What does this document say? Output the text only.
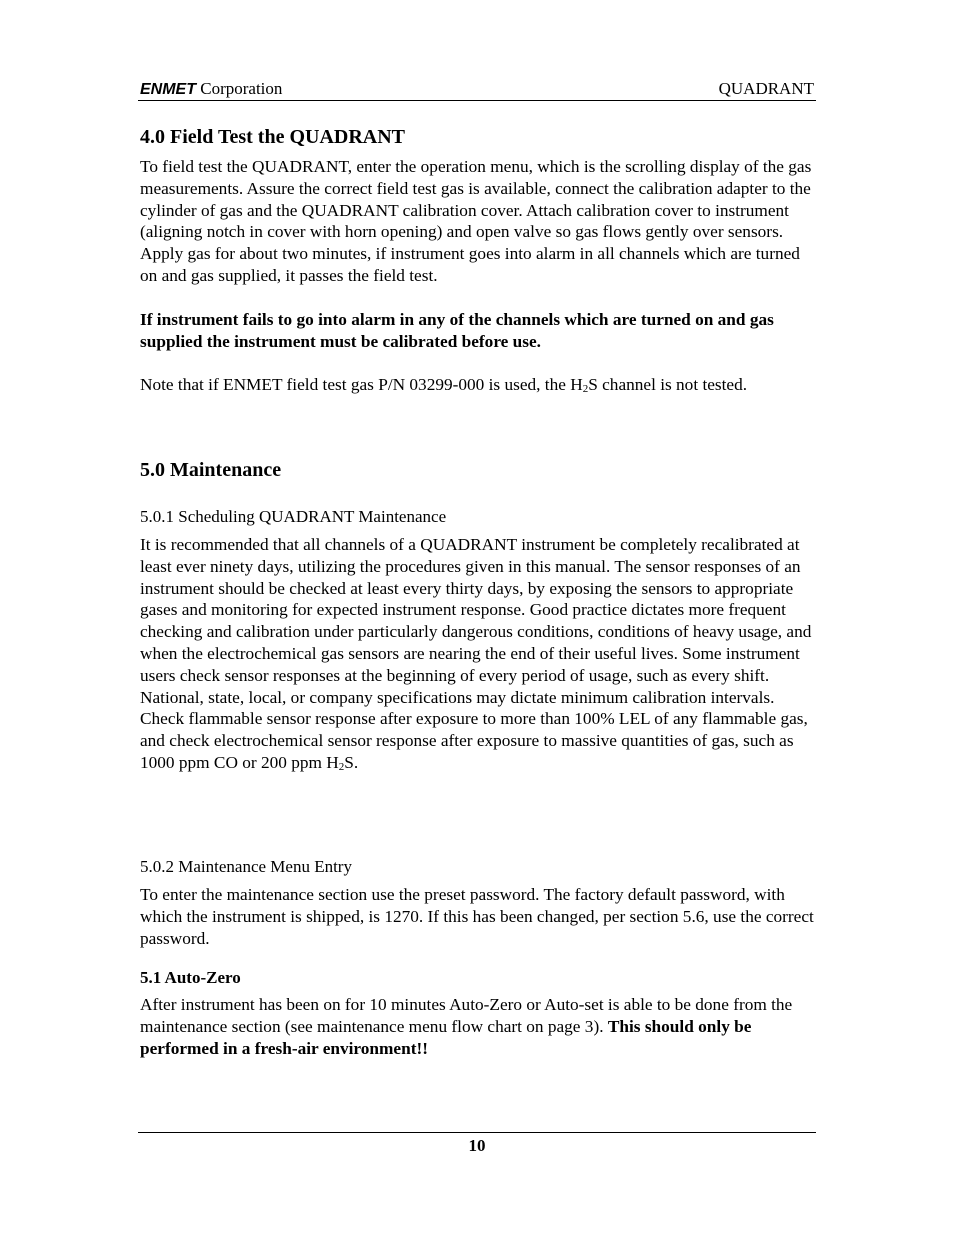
ENMET Corporation	QUADRANT
4.0 Field Test the QUADRANT

To field test the QUADRANT, enter the operation menu, which is the scrolling display of the gas measurements. Assure the correct field test gas is available, connect the calibration adapter to the cylinder of gas and the QUADRANT calibration cover. Attach calibration cover to instrument (aligning notch in cover with horn opening) and open valve so gas flows gently over sensors. Apply gas for about two minutes, if instrument goes into alarm in all channels which are turned on and gas supplied, it passes the field test.

If instrument fails to go into alarm in any of the channels which are turned on and gas supplied the instrument must be calibrated before use.

Note that if ENMET field test gas P/N 03299-000 is used, the $H_2S$ channel is not tested.

5.0 Maintenance

5.0.1 Scheduling QUADRANT Maintenance

It is recommended that all channels of a QUADRANT instrument be completely recalibrated at least ever ninety days, utilizing the procedures given in this manual. The sensor responses of an instrument should be checked at least every thirty days, by exposing the sensors to appropriate gases and monitoring for expected instrument response. Good practice dictates more frequent checking and calibration under particularly dangerous conditions, conditions of heavy usage, and when the electrochemical gas sensors are nearing the end of their useful lives. Some instrument users check sensor responses at the beginning of every period of usage, such as every shift. National, state, local, or company specifications may dictate minimum calibration intervals. Check flammable sensor response after exposure to more than 100% LEL of any flammable gas, and check electrochemical sensor response after exposure to massive quantities of gas, such as 1000 ppm CO or 200 ppm $H_2S$.

5.0.2 Maintenance Menu Entry

To enter the maintenance section use the preset password. The factory default password, with which the instrument is shipped, is 1270. If this has been changed, per section 5.6, use the correct password.

5.1 Auto-Zero

After instrument has been on for 10 minutes Auto-Zero or Auto-set is able to be done from the maintenance section (see maintenance menu flow chart on page 3). This should only be performed in a fresh-air environment!!

10
